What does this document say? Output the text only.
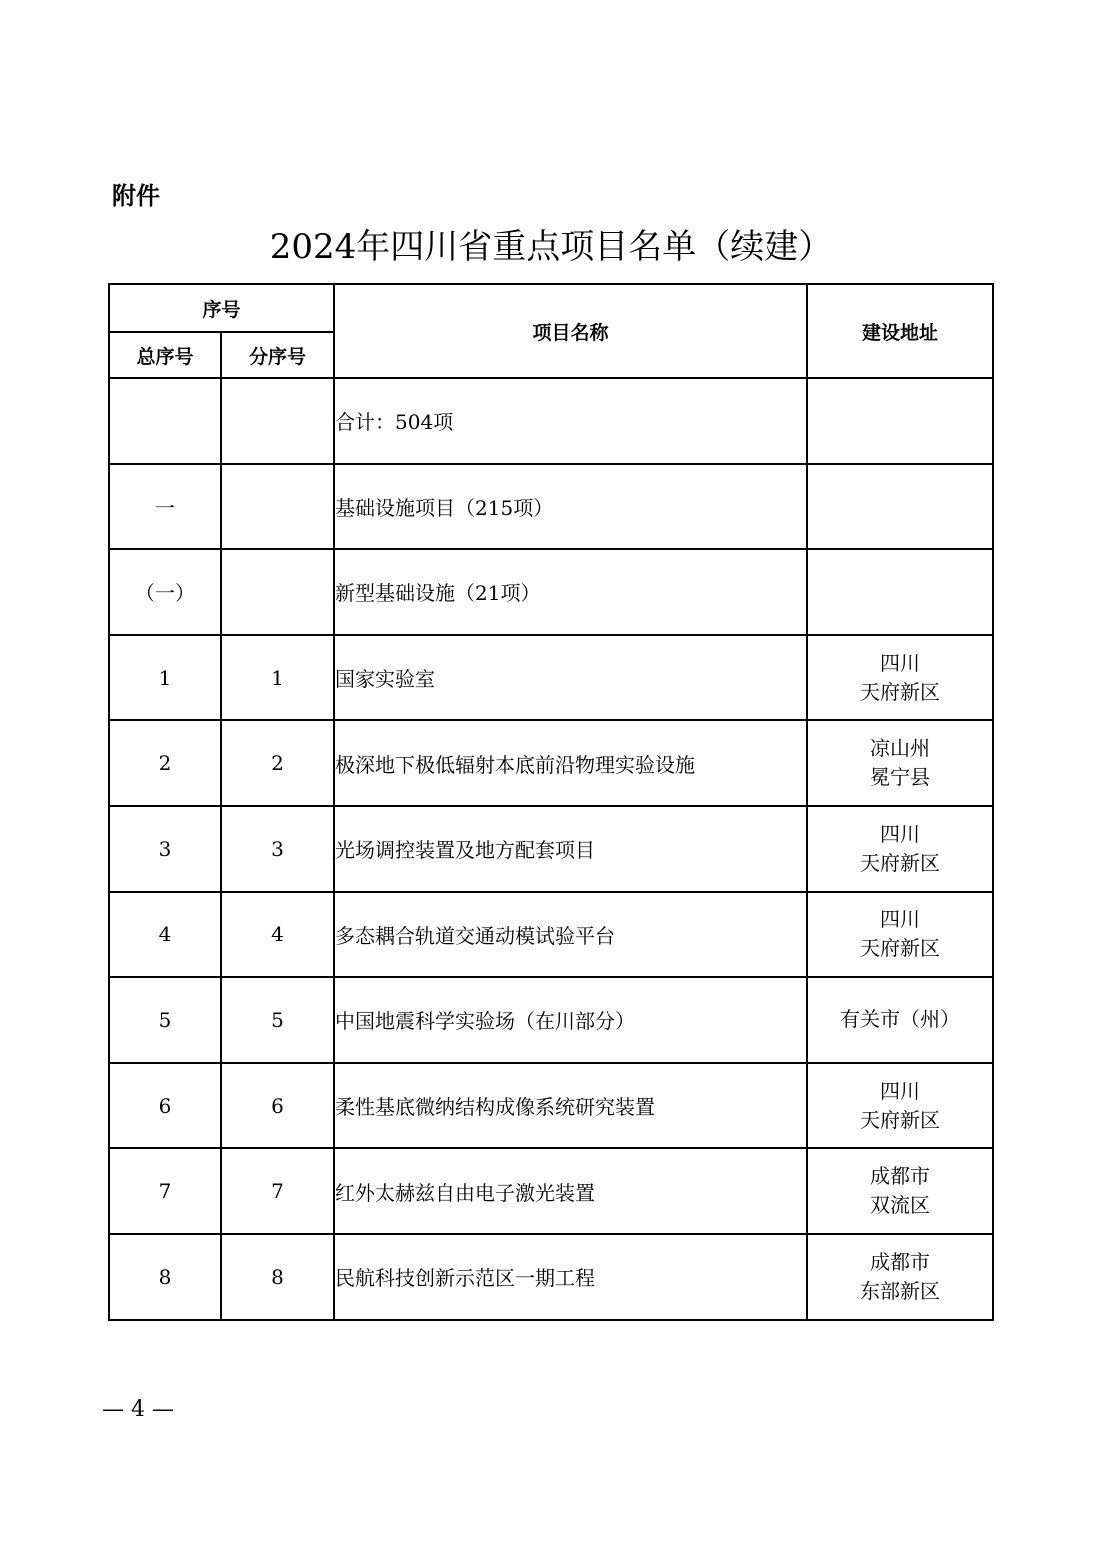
附件
2024年四川省重点项目名单（续建）
序号		项目名称	建设地址
总序号	分序号		
		合计：504项	
一		基础设施项目（215项）	
（一）		新型基础设施（21项）	
1	1	国家实验室	四川
天府新区

2	2	极深地下极低辐射本底前沿物理实验设施	凉山州
冕宁县

3	3	光场调控装置及地方配套项目	四川
天府新区

4	4	多态耦合轨道交通动模试验平台	四川
天府新区

5	5	中国地震科学实验场（在川部分）	有关市（州）

6	6	柔性基底微纳结构成像系统研究装置	四川
天府新区

7	7	红外太赫兹自由电子激光装置	成都市
双流区

8	8	民航科技创新示范区一期工程	成都市
东部新区
— 4 —
